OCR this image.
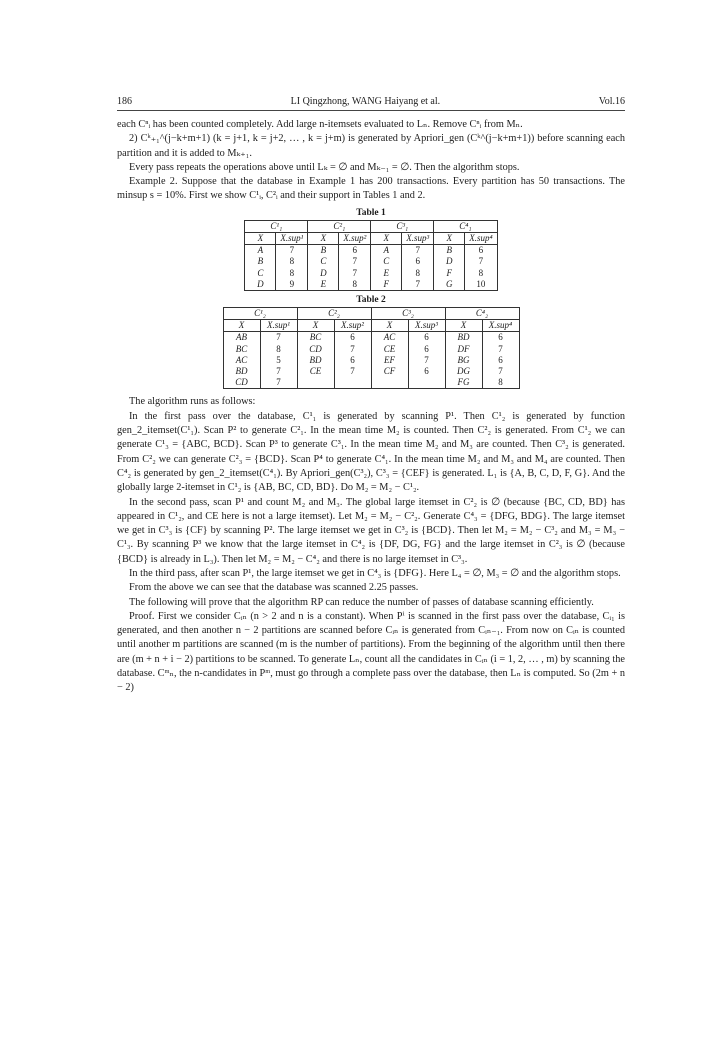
186	LI Qingzhong, WANG Haiyang et al.	Vol.16

each Cⁿᵢ has been counted completely. Add large n-itemsets evaluated to Lₙ. Remove Cⁿᵢ from Mₙ.

2) Cᵏ₊₁^(j−k+m+1) (k = j+1, k = j+2, … , k = j+m) is generated by Apriori_gen (Cᵏ^(j−k+m+1)) before scanning each partition and it is added to Mₖ₊₁.

Every pass repeats the operations above until Lₖ = ∅ and Mₖ₋₁ = ∅. Then the algorithm stops.

Example 2. Suppose that the database in Example 1 has 200 transactions. Every partition has 50 transactions. The minsup s = 10%. First we show C¹ᵢ, C²ᵢ and their support in Tables 1 and 2.

Table 1
C¹₁		C²₁		C³₁		C⁴₁	
X	X.sup¹	X	X.sup²	X	X.sup³	X	X.sup⁴
A	7	B	6	A	7	B	6
B	8	C	7	C	6	D	7
C	8	D	7	E	8	F	8
D	9	E	8	F	7	G	10
Table 2
C¹₂		C²₂		C³₂		C⁴₂	
X	X.sup¹	X	X.sup²	X	X.sup³	X	X.sup⁴
AB	7	BC	6	AC	6	BD	6
BC	8	CD	7	CE	6	DF	7
AC	5	BD	6	EF	7	BG	6
BD	7	CE	7	CF	6	DG	7
CD	7					FG	8

The algorithm runs as follows:

In the first pass over the database, C¹₁ is generated by scanning P¹. Then C¹₂ is generated by function gen_2_itemset(C¹₁). Scan P² to generate C²₁. In the mean time M₂ is counted. Then C²₂ is generated. From C¹₂ we can generate C¹₃ = {ABC, BCD}. Scan P³ to generate C³₁. In the mean time M₂ and M₃ are counted. Then C³₂ is generated. From C²₂ we can generate C²₃ = {BCD}. Scan P⁴ to generate C⁴₁. In the mean time M₂ and M₃ and M₄ are counted. Then C⁴₂ is generated by gen_2_itemset(C⁴₁). By Apriori_gen(C³₂), C³₃ = {CEF} is generated. L₁ is {A, B, C, D, F, G}. And the globally large 2-itemset in C¹₂ is {AB, BC, CD, BD}. Do M₂ = M₂ − C¹₂.

In the second pass, scan P¹ and count M₂ and M₃. The global large itemset in C²₂ is ∅ (because {BC, CD, BD} has appeared in C¹₂, and CE here is not a large itemset). Let M₂ = M₂ − C²₂. Generate C⁴₃ = {DFG, BDG}. The large itemset we get in C³₃ is {CF} by scanning P². The large itemset we get in C³₂ is {BCD}. Then let M₂ = M₂ − C³₂ and M₃ = M₃ − C¹₃. By scanning P³ we know that the large itemset in C⁴₂ is {DF, DG, FG} and the large itemset in C²₃ is ∅ (because {BCD} is already in L₃). Then let M₂ = M₂ − C⁴₂ and there is no large itemset in C³₃.

In the third pass, after scan P¹, the large itemset we get in C⁴₃ is {DFG}. Here L₄ = ∅, M₃ = ∅ and the algorithm stops.

From the above we can see that the database was scanned 2.25 passes.

The following will prove that the algorithm RP can reduce the number of passes of database scanning efficiently.

Proof. First we consider Cᵢₙ (n > 2 and n is a constant). When Pⁱ is scanned in the first pass over the database, Cᵢ₁ is generated, and then another n − 2 partitions are scanned before Cᵢₙ is generated from Cᵢₙ₋₁. From now on Cᵢₙ is counted until another m partitions are scanned (m is the number of partitions). From the beginning of the algorithm until then there are (m + n + i − 2) partitions to be scanned. To generate Lₙ, count all the candidates in Cᵢₙ (i = 1, 2, … , m) by scanning the database. Cᵐₙ, the n-candidates in Pᵐ, must go through a complete pass over the database, then Lₙ is computed. So (2m + n − 2)
